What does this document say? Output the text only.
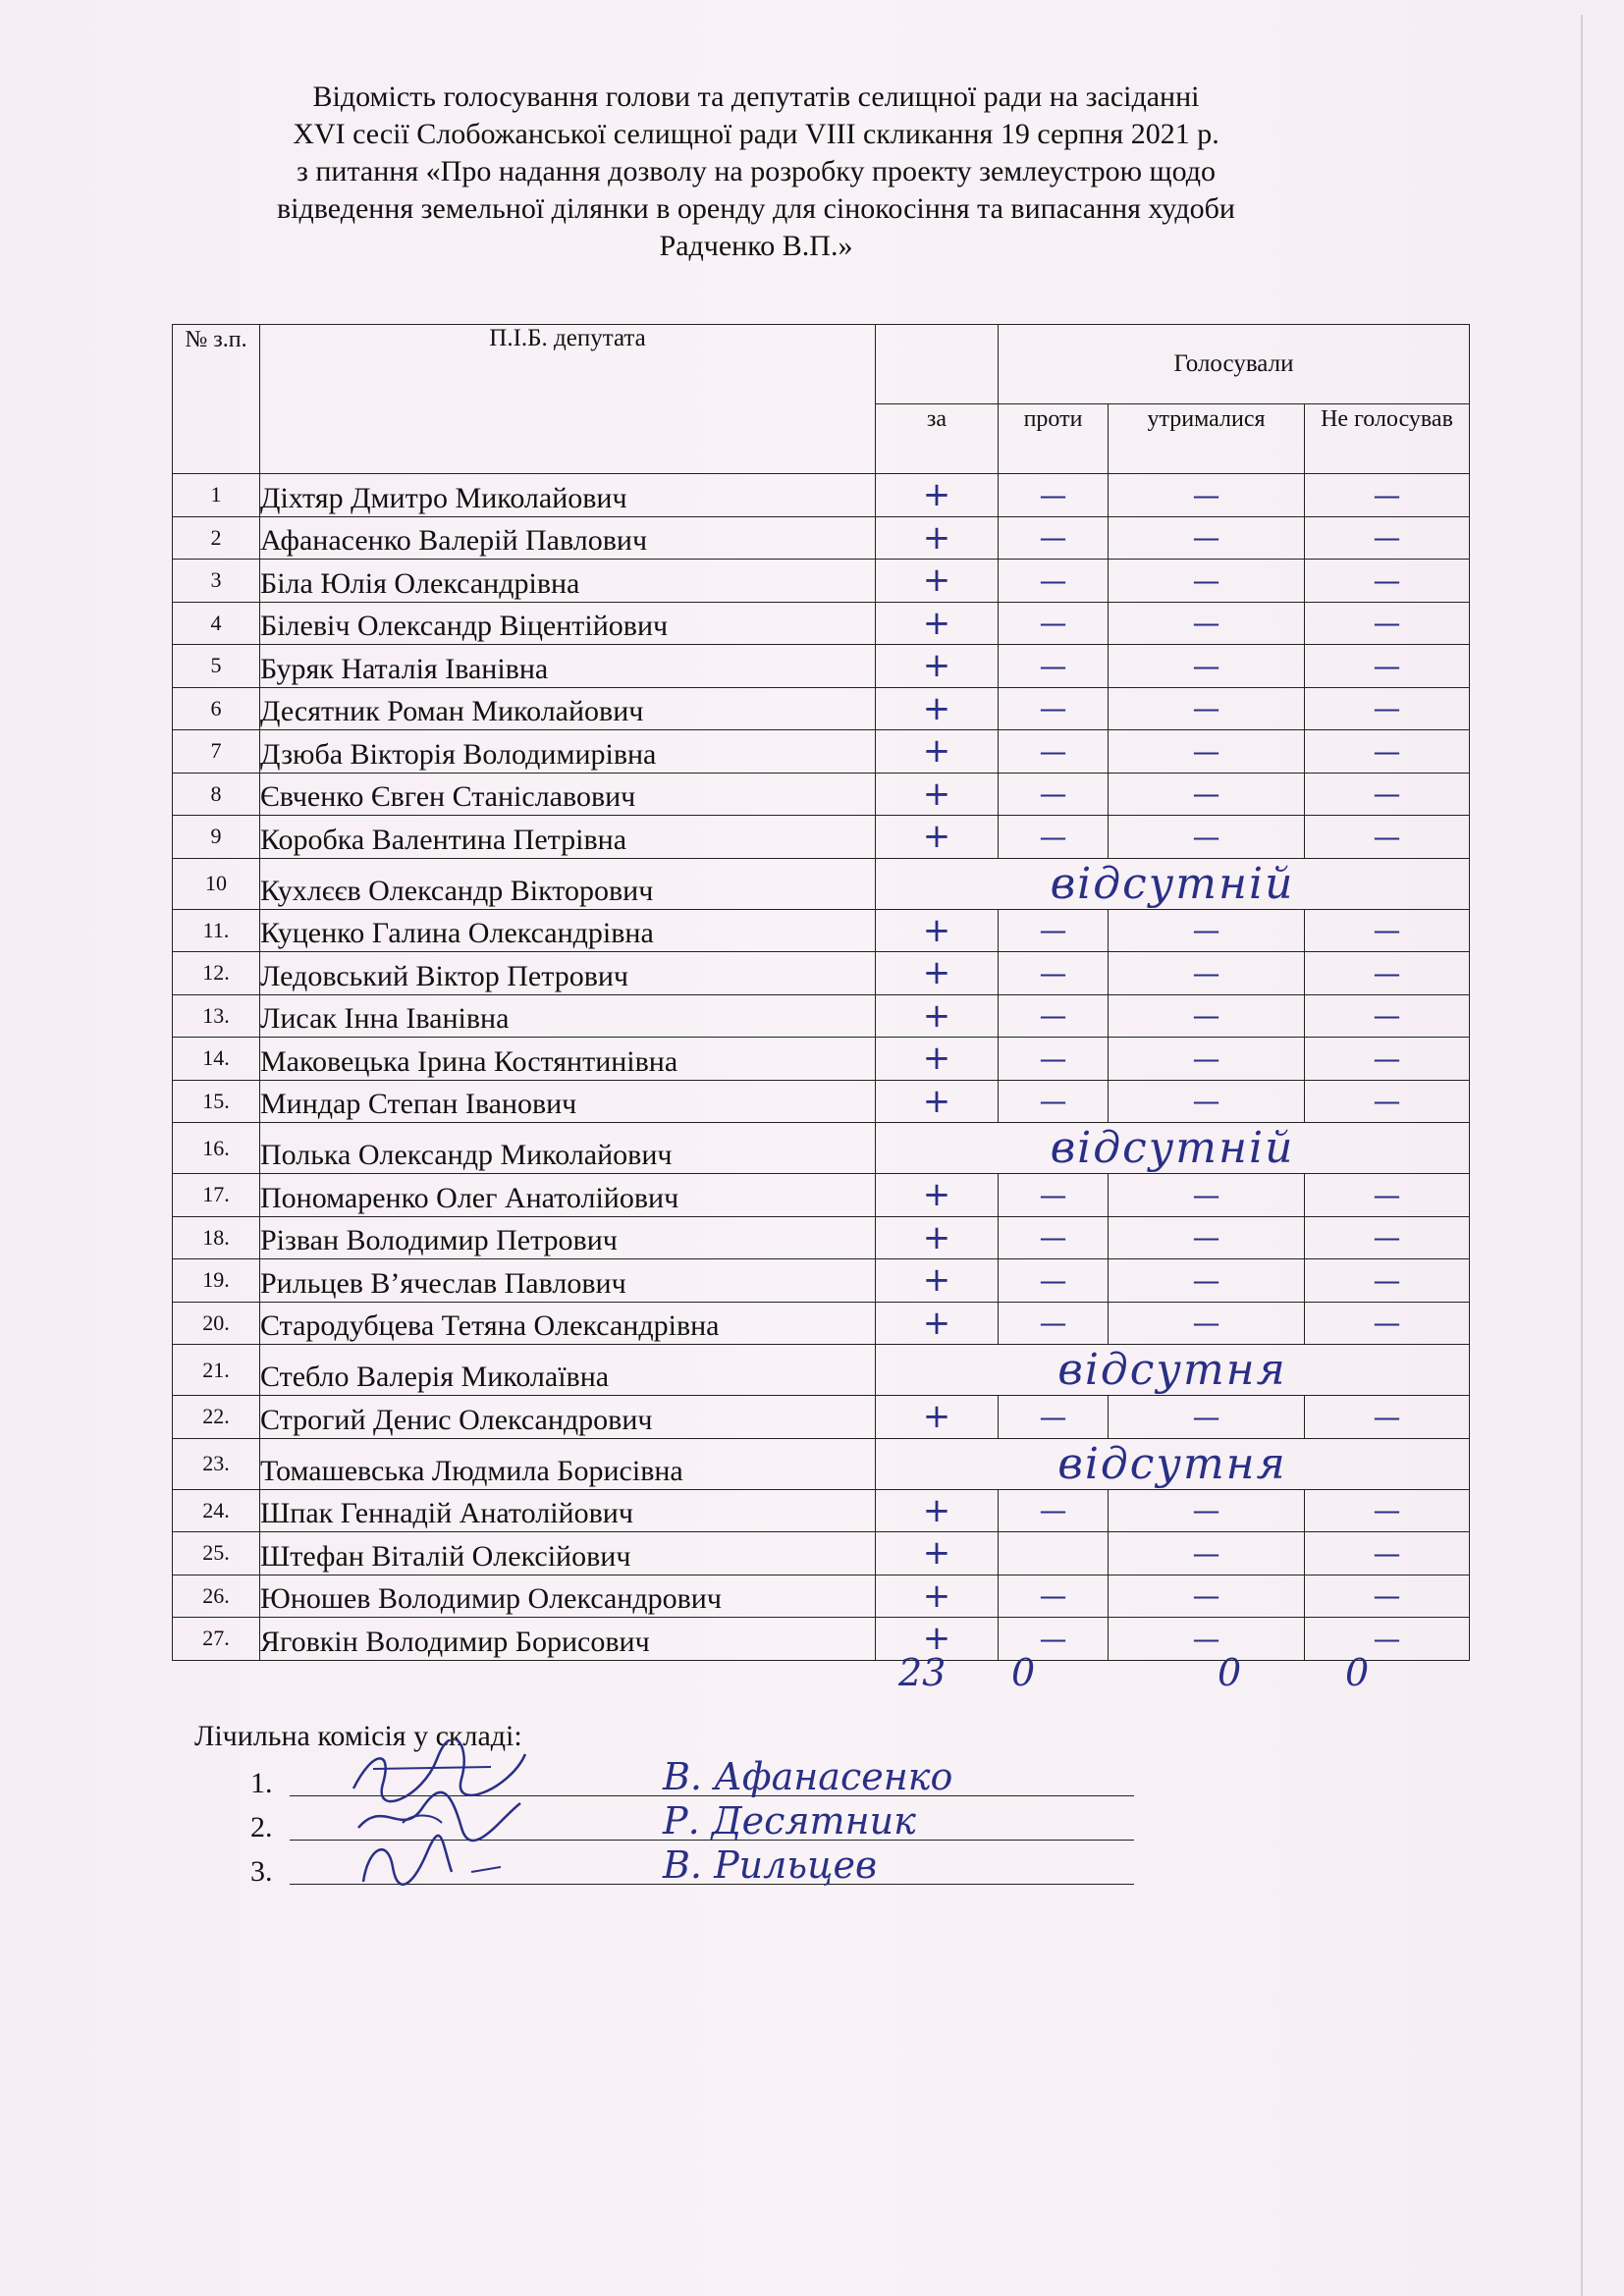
Відомість голосування голови та депутатів селищної ради на засіданні
XVI сесії Слобожанської селищної ради VIII скликання 19 серпня 2021 р.
з питання «Про надання дозволу на розробку проекту землеустрою щодо
відведення земельної ділянки в оренду для сінокосіння та випасання худоби
Радченко В.П.»
№ з.п.	П.І.Б. депутата		Голосували		
		за	проти	утрималися	Не голосував
1	Діхтяр Дмитро Миколайович	+	—	—	—
2	Афанасенко Валерій Павлович	+	—	—	—
3	Біла Юлія Олександрівна	+	—	—	—
4	Білевіч Олександр Віцентійович	+	—	—	—
5	Буряк Наталія Іванівна	+	—	—	—
6	Десятник Роман Миколайович	+	—	—	—
7	Дзюба Вікторія Володимирівна	+	—	—	—
8	Євченко Євген Станіславович	+	—	—	—
9	Коробка Валентина Петрівна	+	—	—	—
10	Кухлєєв Олександр Вікторович	відсутній			
11.	Куценко Галина Олександрівна	+	—	—	—
12.	Ледовський Віктор Петрович	+	—	—	—
13.	Лисак Інна Іванівна	+	—	—	—
14.	Маковецька Ірина Костянтинівна	+	—	—	—
15.	Миндар Степан Іванович	+	—	—	—
16.	Полька Олександр Миколайович	відсутній			
17.	Пономаренко Олег Анатолійович	+	—	—	—
18.	Різван Володимир Петрович	+	—	—	—
19.	Рильцев В’ячеслав Павлович	+	—	—	—
20.	Стародубцева Тетяна Олександрівна	+	—	—	—
21.	Стебло Валерія Миколаївна	відсутня			
22.	Строгий Денис Олександрович	+	—	—	—
23.	Томашевська Людмила Борисівна	відсутня			
24.	Шпак Геннадій Анатолійович	+	—	—	—
25.	Штефан Віталій Олексійович	+		—	—
26.	Юношев Володимир Олександрович	+	—	—	—
27.	Яговкін Володимир Борисович	+	—	—	—
23 0	0	0
Лічильна комісія у складі:
1.	В. Афанасенко
2.	Р. Десятник
3.	В. Рильцев
